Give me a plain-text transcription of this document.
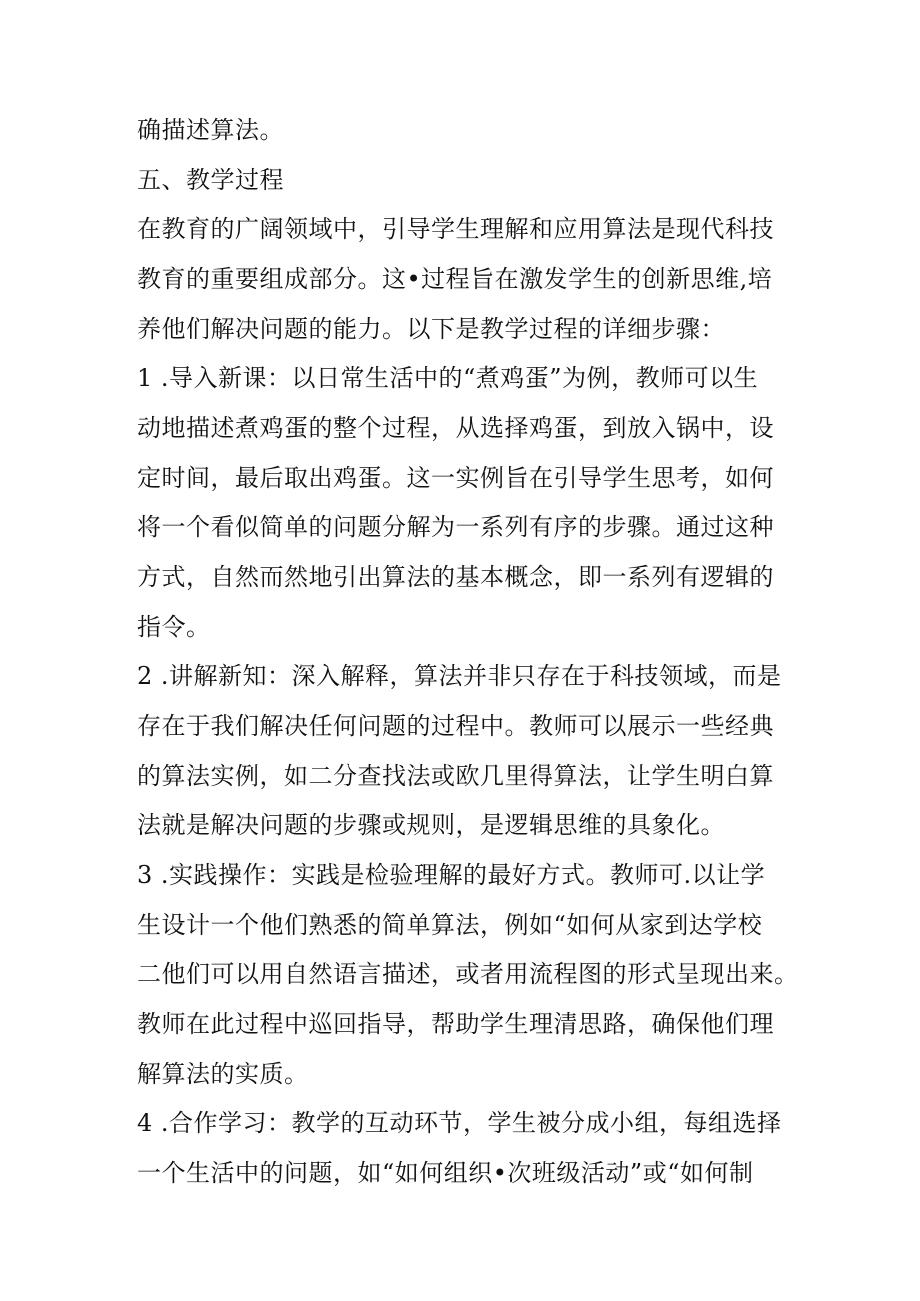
确描述算法。
五、教学过程
在教育的广阔领域中，引导学生理解和应用算法是现代科技
教育的重要组成部分。这•过程旨在激发学生的创新思维,培
养他们解决问题的能力。以下是教学过程的详细步骤：
1 .导入新课：以日常生活中的“煮鸡蛋”为例，教师可以生
动地描述煮鸡蛋的整个过程，从选择鸡蛋，到放入锅中，设
定时间，最后取出鸡蛋。这一实例旨在引导学生思考，如何
将一个看似简单的问题分解为一系列有序的步骤。通过这种
方式，自然而然地引出算法的基本概念，即一系列有逻辑的
指令。
2 .讲解新知：深入解释，算法并非只存在于科技领域，而是
存在于我们解决任何问题的过程中。教师可以展示一些经典
的算法实例，如二分查找法或欧几里得算法，让学生明白算
法就是解决问题的步骤或规则，是逻辑思维的具象化。
3 .实践操作：实践是检验理解的最好方式。教师可.以让学
生设计一个他们熟悉的简单算法，例如“如何从家到达学校
二他们可以用自然语言描述，或者用流程图的形式呈现出来。
教师在此过程中巡回指导，帮助学生理清思路，确保他们理
解算法的实质。
4 .合作学习：教学的互动环节，学生被分成小组，每组选择
一个生活中的问题，如“如何组织•次班级活动”或“如何制
